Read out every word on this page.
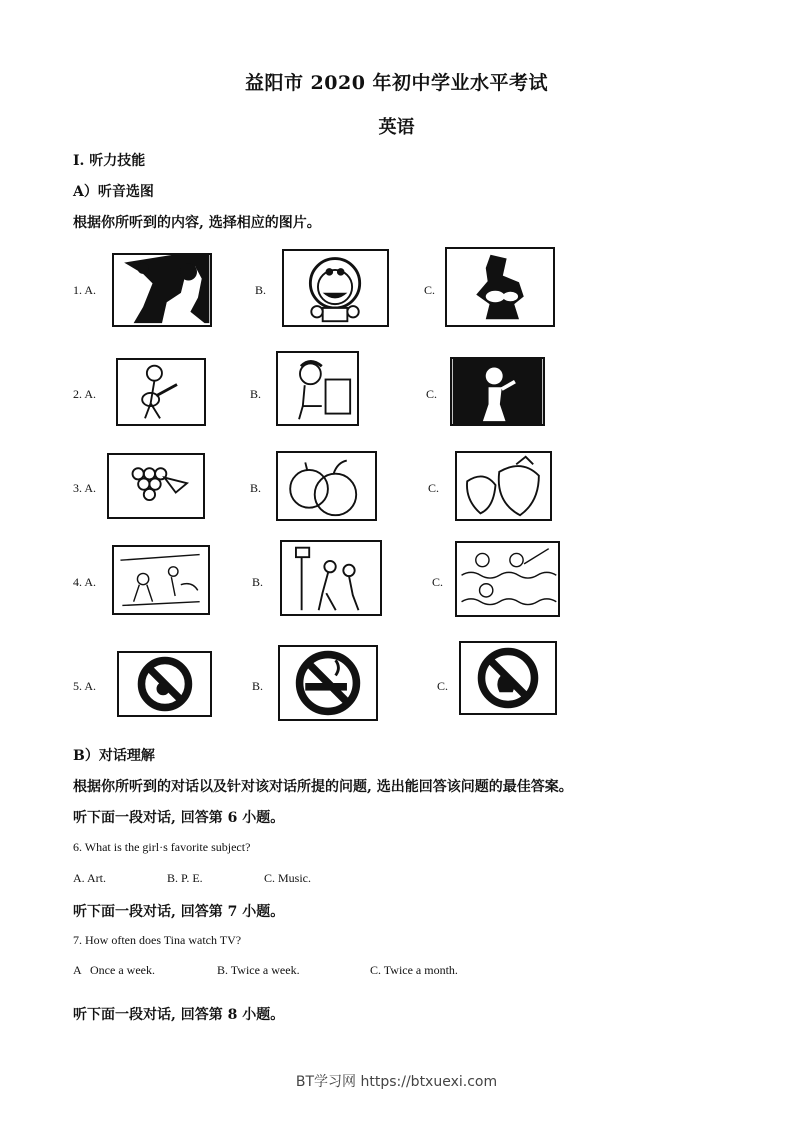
益阳市 2020 年初中学业水平考试
英语
Ⅰ. 听力技能
A）听音选图
根据你所听到的内容, 选择相应的图片。
1. A.	B.	C.
2. A.	B.	C.
3. A.	B.	C.
4. A.	B.	C.
5. A.	B.	C.
B）对话理解
根据你所听到的对话以及针对该对话所提的问题, 选出能回答该问题的最佳答案。
听下面一段对话, 回答第 6 小题。
6. What is the girl·s favorite subject?
A. Art.	B. P. E.	C. Music.
听下面一段对话, 回答第 7 小题。
7. How often does Tina watch TV?
A   Once a week.	B. Twice a week.	C. Twice a month.
听下面一段对话, 回答第 8 小题。
BT学习网 https://btxuexi.com
